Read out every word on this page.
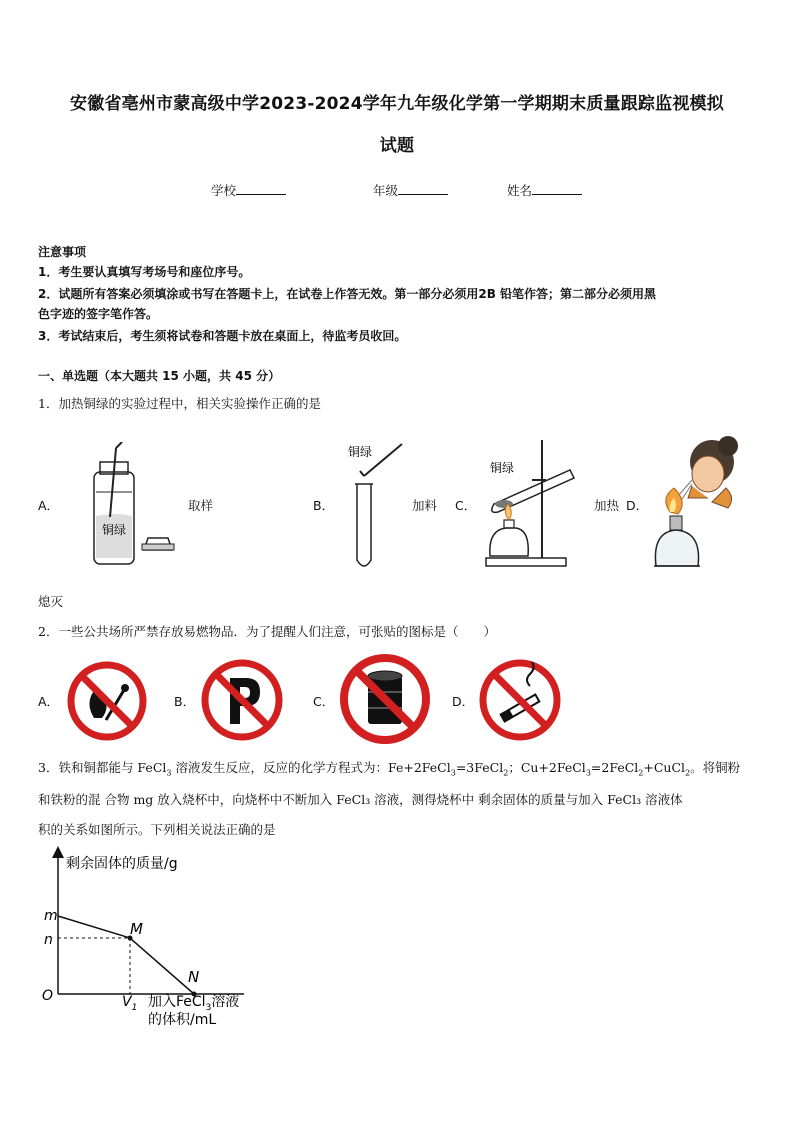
安徽省亳州市蒙高级中学2023-2024学年九年级化学第一学期期末质量跟踪监视模拟
试题
学校	年级	姓名
注意事项
1．考生要认真填写考场号和座位序号。
2．试题所有答案必须填涂或书写在答题卡上，在试卷上作答无效。第一部分必须用2B 铅笔作答；第二部分必须用黑
色字迹的签字笔作答。
3．考试结束后，考生须将试卷和答题卡放在桌面上，待监考员收回。
一、单选题（本大题共 15 小题，共 45 分）
1．加热铜绿的实验过程中，相关实验操作正确的是
A．
铜绿
取样	B．
铜绿
加料 C．
铜绿
加热 D．
熄灭
2．一些公共场所严禁存放易燃物品．为了提醒人们注意，可张贴的图标是（　　）
A．	B．	C．	D．
3．铁和铜都能与 FeCl$_3$ 溶液发生反应，反应的化学方程式为：Fe+2FeCl$_3$=3FeCl$_2$；Cu+2FeCl$_3$=2FeCl$_2$+CuCl$_2$。将铜粉
和铁粉的混 合物 mg 放入烧杯中，向烧杯中不断加入 FeCl₃ 溶液，测得烧杯中 剩余固体的质量与加入 FeCl₃ 溶液体
积的关系如图所示。下列相关说法正确的是
剩余固体的质量/g
O
m
n
M
N
$V_1$ 加入FeCl$_3$溶液
的体积/mL
